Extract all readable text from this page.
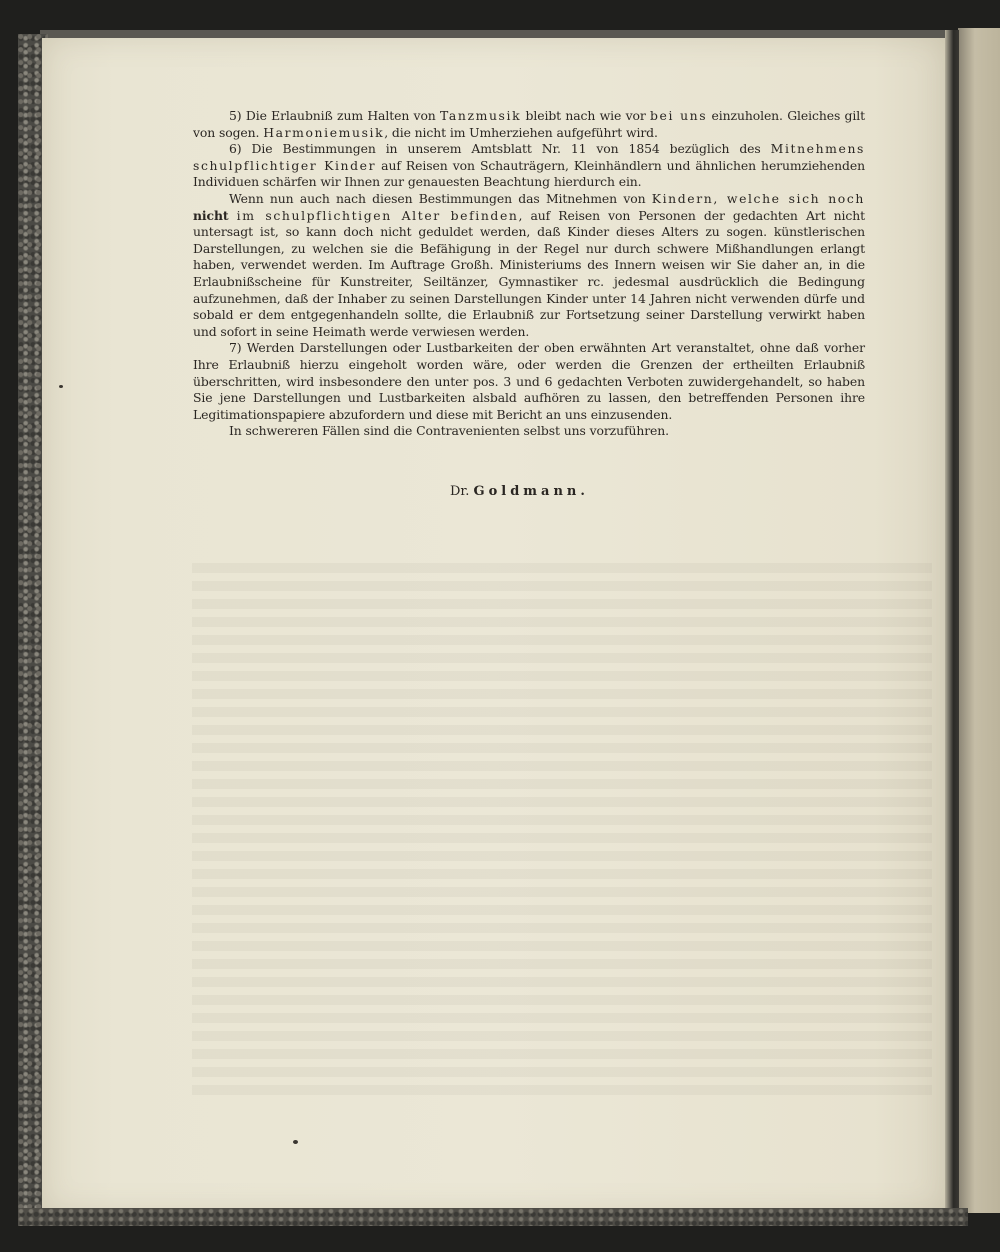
5) Die Erlaubniß zum Halten von Tanzmusik bleibt nach wie vor bei uns einzuholen. Gleiches gilt von sogen. Harmoniemusik, die nicht im Umherziehen aufgeführt wird.

6) Die Bestimmungen in unserem Amtsblatt Nr. 11 von 1854 bezüglich des Mitnehmens schulpflichtiger Kinder auf Reisen von Schauträgern, Kleinhändlern und ähnlichen herumziehenden Individuen schärfen wir Ihnen zur genauesten Beachtung hierdurch ein.

Wenn nun auch nach diesen Bestimmungen das Mitnehmen von Kindern, welche sich noch nicht im schulpflichtigen Alter befinden, auf Reisen von Personen der gedachten Art nicht untersagt ist, so kann doch nicht geduldet werden, daß Kinder dieses Alters zu sogen. künstlerischen Darstellungen, zu welchen sie die Befähigung in der Regel nur durch schwere Mißhandlungen erlangt haben, verwendet werden. Im Auftrage Großh. Ministeriums des Innern weisen wir Sie daher an, in die Erlaubnißscheine für Kunstreiter, Seiltänzer, Gymnastiker rc. jedesmal ausdrücklich die Bedingung aufzunehmen, daß der Inhaber zu seinen Darstellungen Kinder unter 14 Jahren nicht verwenden dürfe und sobald er dem entgegenhandeln sollte, die Erlaubniß zur Fortsetzung seiner Darstellung verwirkt haben und sofort in seine Heimath werde verwiesen werden.

7) Werden Darstellungen oder Lustbarkeiten der oben erwähnten Art veranstaltet, ohne daß vorher Ihre Erlaubniß hierzu eingeholt worden wäre, oder werden die Grenzen der ertheilten Erlaubniß überschritten, wird insbesondere den unter pos. 3 und 6 gedachten Verboten zuwidergehandelt, so haben Sie jene Darstellungen und Lustbarkeiten alsbald aufhören zu lassen, den betreffenden Personen ihre Legitimationspapiere abzufordern und diese mit Bericht an uns einzusenden.

In schwereren Fällen sind die Contravenienten selbst uns vorzuführen.

Dr. Goldmann.
